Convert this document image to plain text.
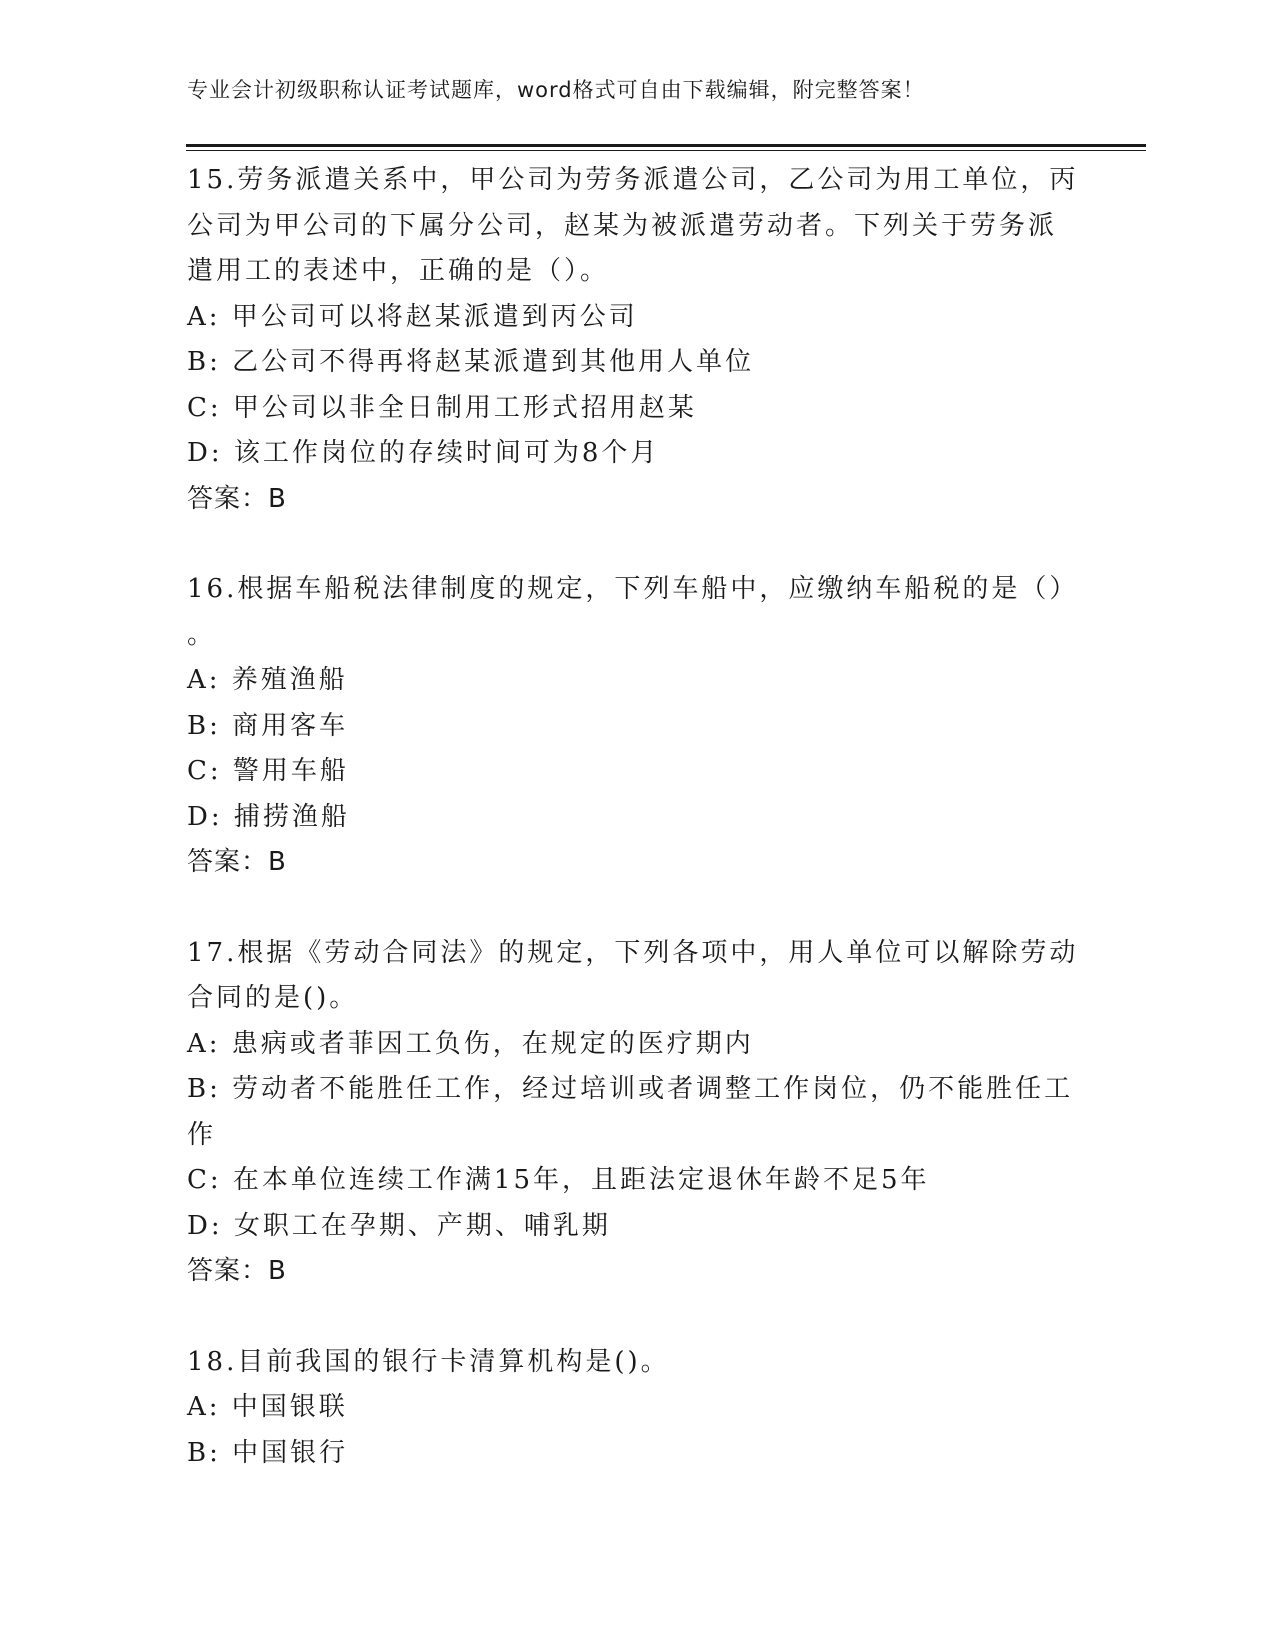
专业会计初级职称认证考试题库，word格式可自由下载编辑，附完整答案！
15.劳务派遣关系中，甲公司为劳务派遣公司，乙公司为用工单位，丙
公司为甲公司的下属分公司，赵某为被派遣劳动者。下列关于劳务派
遣用工的表述中，正确的是（）。
A: 甲公司可以将赵某派遣到丙公司
B: 乙公司不得再将赵某派遣到其他用人单位
C: 甲公司以非全日制用工形式招用赵某
D: 该工作岗位的存续时间可为8个月
答案：B
16.根据车船税法律制度的规定，下列车船中，应缴纳车船税的是（）
。
A: 养殖渔船
B: 商用客车
C: 警用车船
D: 捕捞渔船
答案：B
17.根据《劳动合同法》的规定，下列各项中，用人单位可以解除劳动
合同的是()。
A: 患病或者菲因工负伤，在规定的医疗期内
B: 劳动者不能胜任工作，经过培训或者调整工作岗位，仍不能胜任工
作
C: 在本单位连续工作满15年，且距法定退休年龄不足5年
D: 女职工在孕期、产期、哺乳期
答案：B
18.目前我国的银行卡清算机构是()。
A: 中国银联
B: 中国银行
